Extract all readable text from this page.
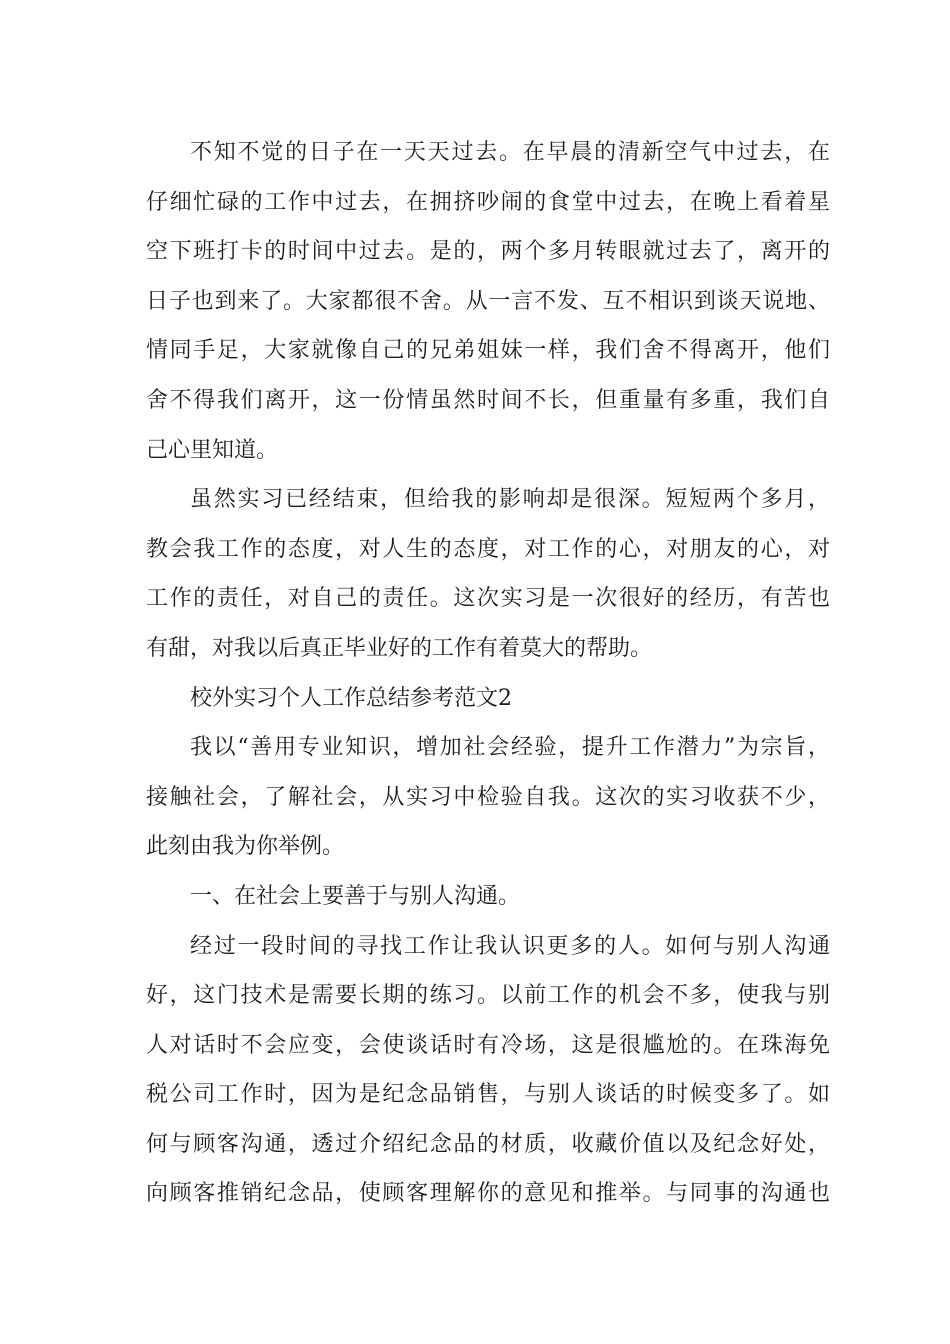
不知不觉的日子在一天天过去。在早晨的清新空气中过去，在
仔细忙碌的工作中过去，在拥挤吵闹的食堂中过去，在晚上看着星
空下班打卡的时间中过去。是的，两个多月转眼就过去了，离开的
日子也到来了。大家都很不舍。从一言不发、互不相识到谈天说地、
情同手足，大家就像自己的兄弟姐妹一样，我们舍不得离开，他们
舍不得我们离开，这一份情虽然时间不长，但重量有多重，我们自
己心里知道。
虽然实习已经结束，但给我的影响却是很深。短短两个多月，
教会我工作的态度，对人生的态度，对工作的心，对朋友的心，对
工作的责任，对自己的责任。这次实习是一次很好的经历，有苦也
有甜，对我以后真正毕业好的工作有着莫大的帮助。
校外实习个人工作总结参考范文2
我以“善用专业知识，增加社会经验，提升工作潜力”为宗旨，
接触社会，了解社会，从实习中检验自我。这次的实习收获不少，
此刻由我为你举例。
一、在社会上要善于与别人沟通。
经过一段时间的寻找工作让我认识更多的人。如何与别人沟通
好，这门技术是需要长期的练习。以前工作的机会不多，使我与别
人对话时不会应变，会使谈话时有冷场，这是很尴尬的。在珠海免
税公司工作时，因为是纪念品销售，与别人谈话的时候变多了。如
何与顾客沟通，透过介绍纪念品的材质，收藏价值以及纪念好处，
向顾客推销纪念品，使顾客理解你的意见和推举。与同事的沟通也
